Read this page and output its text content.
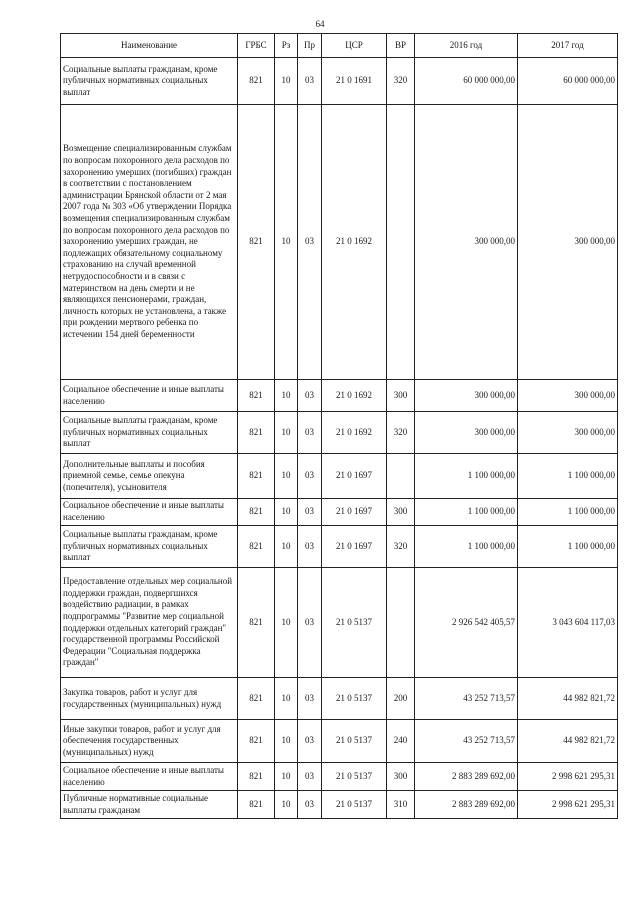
64
Наименование	ГРБС	Рз	Пр	ЦСР	ВР	2016 год	2017 год
Социальные выплаты гражданам, кроме публичных нормативных социальных выплат	821	10	03	21 0 1691	320	60 000 000,00	60 000 000,00
Возмещение специализированным службам по вопросам похоронного дела расходов по захоронению умерших (погибших) граждан в соответствии с постановлением администрации Брянской области от 2 мая 2007 года № 303 «Об утверждении Порядка возмещения специализированным службам по вопросам похоронного дела расходов по захоронению умерших граждан, не подлежащих обязательному социальному страхованию на случай временной нетрудоспособности и в связи с материнством на день смерти и не являющихся пенсионерами, граждан, личность которых не установлена, а также при рождении мертвого ребенка по истечении 154 дней беременности	821	10	03	21 0 1692		300 000,00	300 000,00
Социальное обеспечение и иные выплаты населению	821	10	03	21 0 1692	300	300 000,00	300 000,00
Социальные выплаты гражданам, кроме публичных нормативных социальных выплат	821	10	03	21 0 1692	320	300 000,00	300 000,00
Дополнительные выплаты и пособия приемной семье, семье опекуна (попечителя), усыновителя	821	10	03	21 0 1697		1 100 000,00	1 100 000,00
Социальное обеспечение и иные выплаты населению	821	10	03	21 0 1697	300	1 100 000,00	1 100 000,00
Социальные выплаты гражданам, кроме публичных нормативных социальных выплат	821	10	03	21 0 1697	320	1 100 000,00	1 100 000,00
Предоставление отдельных мер социальной поддержки граждан, подвергшихся воздействию радиации, в рамках подпрограммы "Развитие мер социальной поддержки отдельных категорий граждан" государственной программы Российской Федерации "Социальная поддержка граждан"	821	10	03	21 0 5137		2 926 542 405,57	3 043 604 117,03
Закупка товаров, работ и услуг для государственных (муниципальных) нужд	821	10	03	21 0 5137	200	43 252 713,57	44 982 821,72
Иные закупки товаров, работ и услуг для обеспечения государственных (муниципальных) нужд	821	10	03	21 0 5137	240	43 252 713,57	44 982 821,72
Социальное обеспечение и иные выплаты населению	821	10	03	21 0 5137	300	2 883 289 692,00	2 998 621 295,31
Публичные нормативные социальные выплаты гражданам	821	10	03	21 0 5137	310	2 883 289 692,00	2 998 621 295,31
